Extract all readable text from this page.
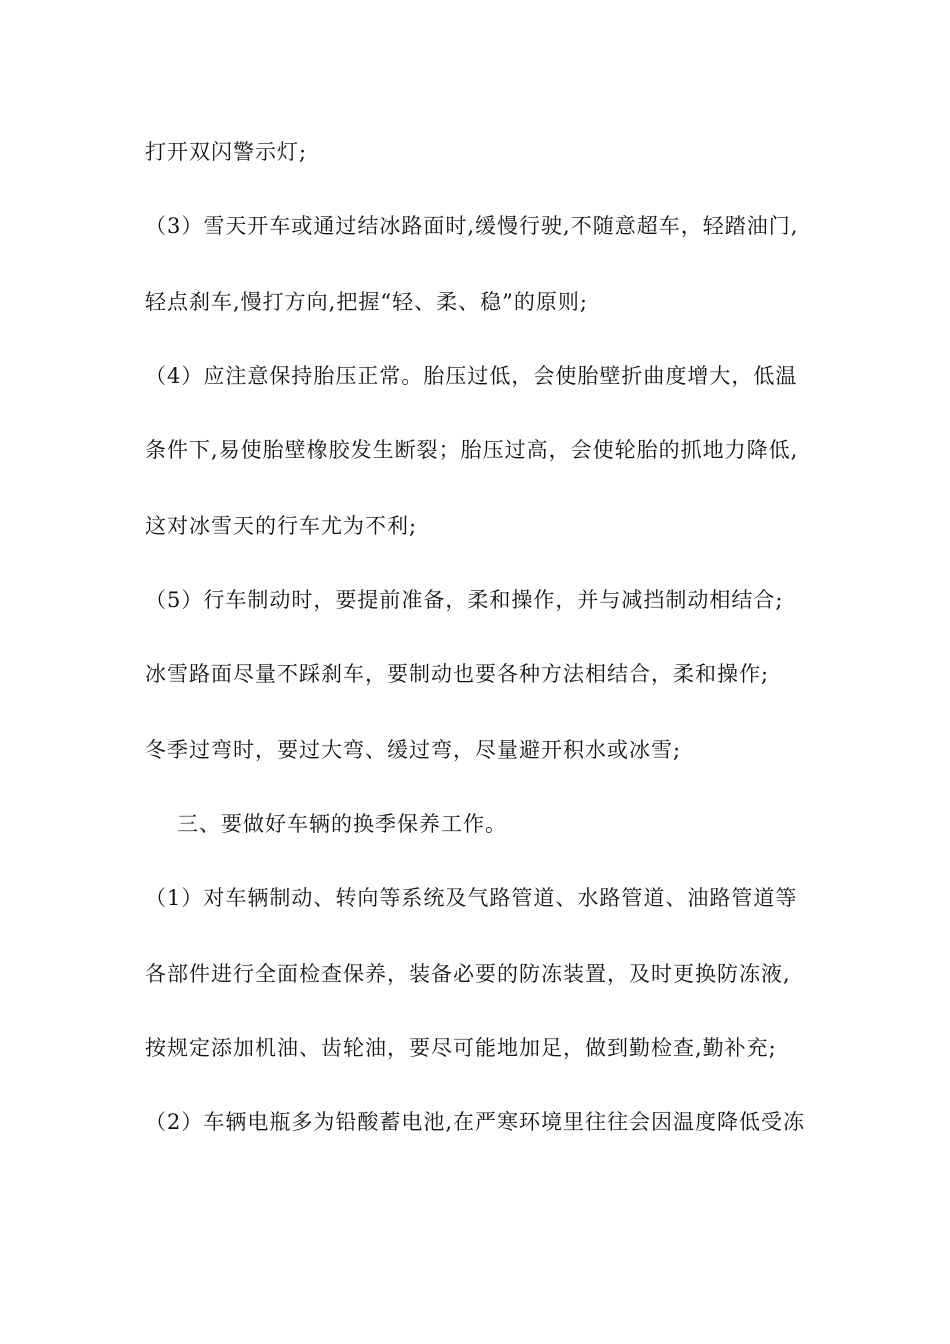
打开双闪警示灯;
（3）雪天开车或通过结冰路面时,缓慢行驶,不随意超车，轻踏油门,
轻点刹车,慢打方向,把握“轻、柔、稳”的原则;
（4）应注意保持胎压正常。胎压过低，会使胎壁折曲度增大，低温
条件下,易使胎壁橡胶发生断裂；胎压过高，会使轮胎的抓地力降低,
这对冰雪天的行车尤为不利;
（5）行车制动时，要提前准备，柔和操作，并与减挡制动相结合;
冰雪路面尽量不踩刹车，要制动也要各种方法相结合，柔和操作;
冬季过弯时，要过大弯、缓过弯，尽量避开积水或冰雪;
三、要做好车辆的换季保养工作。
（1）对车辆制动、转向等系统及气路管道、水路管道、油路管道等
各部件进行全面检查保养，装备必要的防冻装置，及时更换防冻液,
按规定添加机油、齿轮油，要尽可能地加足，做到勤检查,勤补充;
（2）车辆电瓶多为铅酸蓄电池,在严寒环境里往往会因温度降低受冻
